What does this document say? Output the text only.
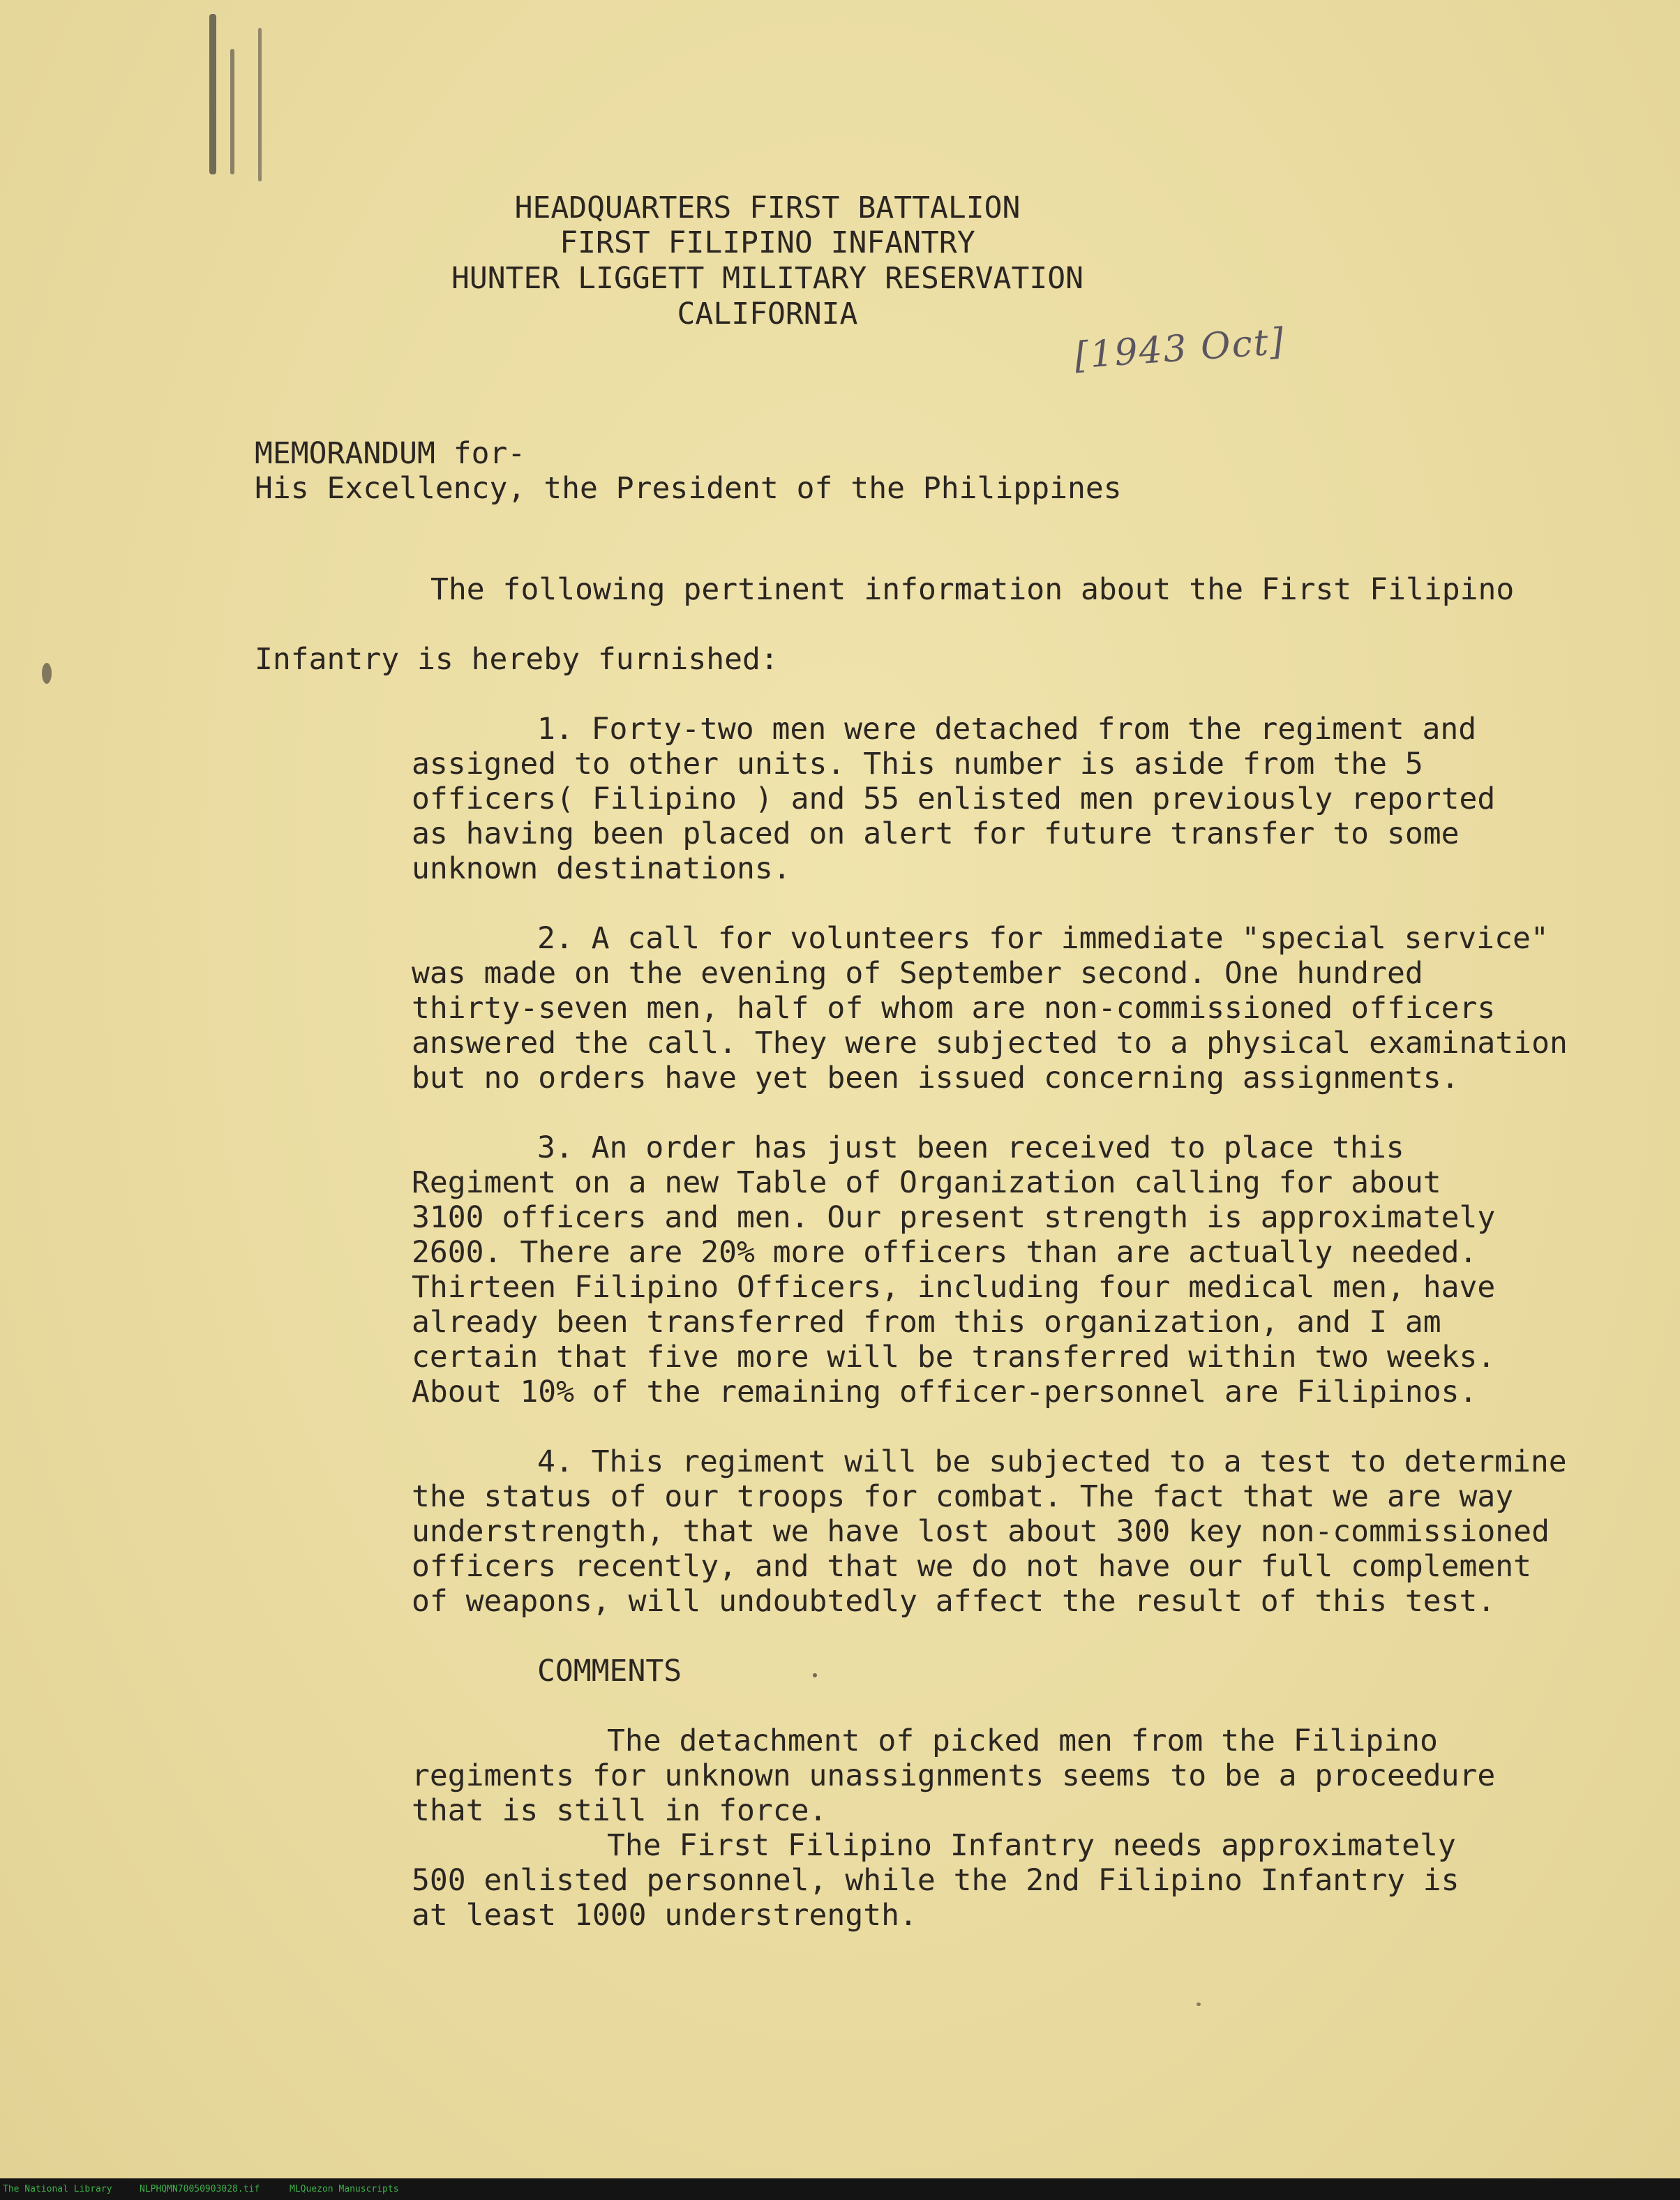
HEADQUARTERS FIRST BATTALION
FIRST FILIPINO INFANTRY
HUNTER LIGGETT MILITARY RESERVATION
CALIFORNIA
[1943 Oct]
MEMORANDUM for-
His Excellency, the President of the Philippines
The following pertinent information about the First Filipino
Infantry is hereby furnished:
1. Forty-two men were detached from the regiment and
assigned to other units. This number is aside from the 5
officers( Filipino ) and 55 enlisted men previously reported
as having been placed on alert for future transfer to some
unknown destinations.
2. A call for volunteers for immediate "special service"
was made on the evening of September second. One hundred
thirty-seven men, half of whom are non-commissioned officers
answered the call. They were subjected to a physical examination
but no orders have yet been issued concerning assignments.
3. An order has just been received to place this
Regiment on a new Table of Organization calling for about
3100 officers and men. Our present strength is approximately
2600. There are 20% more officers than are actually needed.
Thirteen Filipino Officers, including four medical men, have
already been transferred from this organization, and I am
certain that five more will be transferred within two weeks.
About 10% of the remaining officer-personnel are Filipinos.
4. This regiment will be subjected to a test to determine
the status of our troops for combat. The fact that we are way
understrength, that we have lost about 300 key non-commissioned
officers recently, and that we do not have our full complement
of weapons, will undoubtedly affect the result of this test.
COMMENTS
The detachment of picked men from the Filipino
regiments for unknown unassignments seems to be a proceedure
that is still in force.
The First Filipino Infantry needs approximately
500 enlisted personnel, while the 2nd Filipino Infantry is
at least 1000 understrength.
The National Library	NLPHQMN70050903028.tif	MLQuezon Manuscripts
